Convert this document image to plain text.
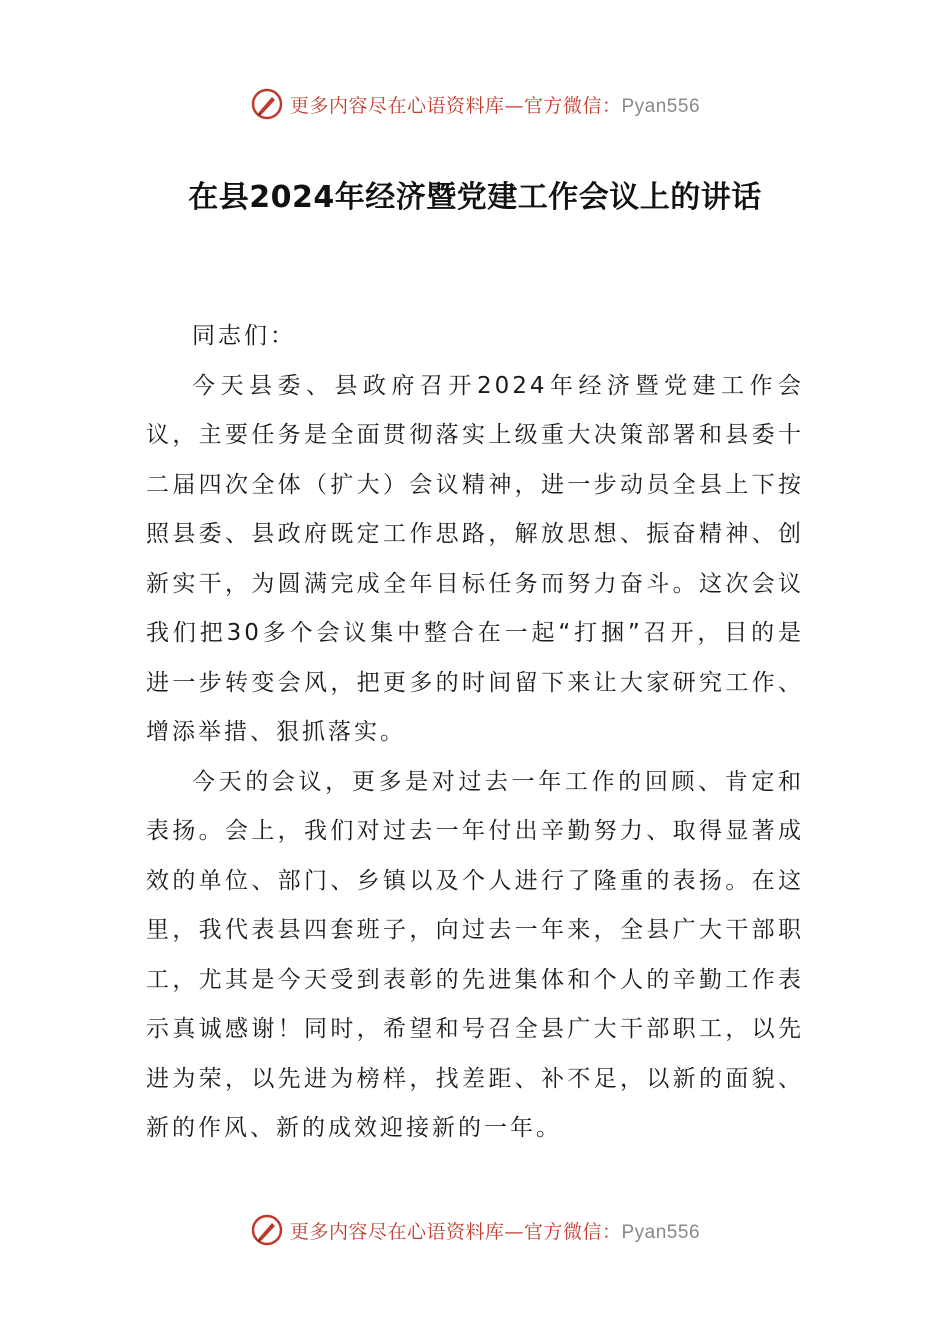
更多内容尽在心语资料库—官方微信：Pyan556
在县2024年经济暨党建工作会议上的讲话

同志们：

今天县委、县政府召开2024年经济暨党建工作会议，主要任务是全面贯彻落实上级重大决策部署和县委十二届四次全体（扩大）会议精神，进一步动员全县上下按照县委、县政府既定工作思路，解放思想、振奋精神、创新实干，为圆满完成全年目标任务而努力奋斗。这次会议我们把30多个会议集中整合在一起“打捆”召开，目的是进一步转变会风，把更多的时间留下来让大家研究工作、增添举措、狠抓落实。

今天的会议，更多是对过去一年工作的回顾、肯定和表扬。会上，我们对过去一年付出辛勤努力、取得显著成效的单位、部门、乡镇以及个人进行了隆重的表扬。在这里，我代表县四套班子，向过去一年来，全县广大干部职工，尤其是今天受到表彰的先进集体和个人的辛勤工作表示真诚感谢！同时，希望和号召全县广大干部职工，以先进为荣，以先进为榜样，找差距、补不足，以新的面貌、新的作风、新的成效迎接新的一年。

更多内容尽在心语资料库—官方微信：Pyan556
